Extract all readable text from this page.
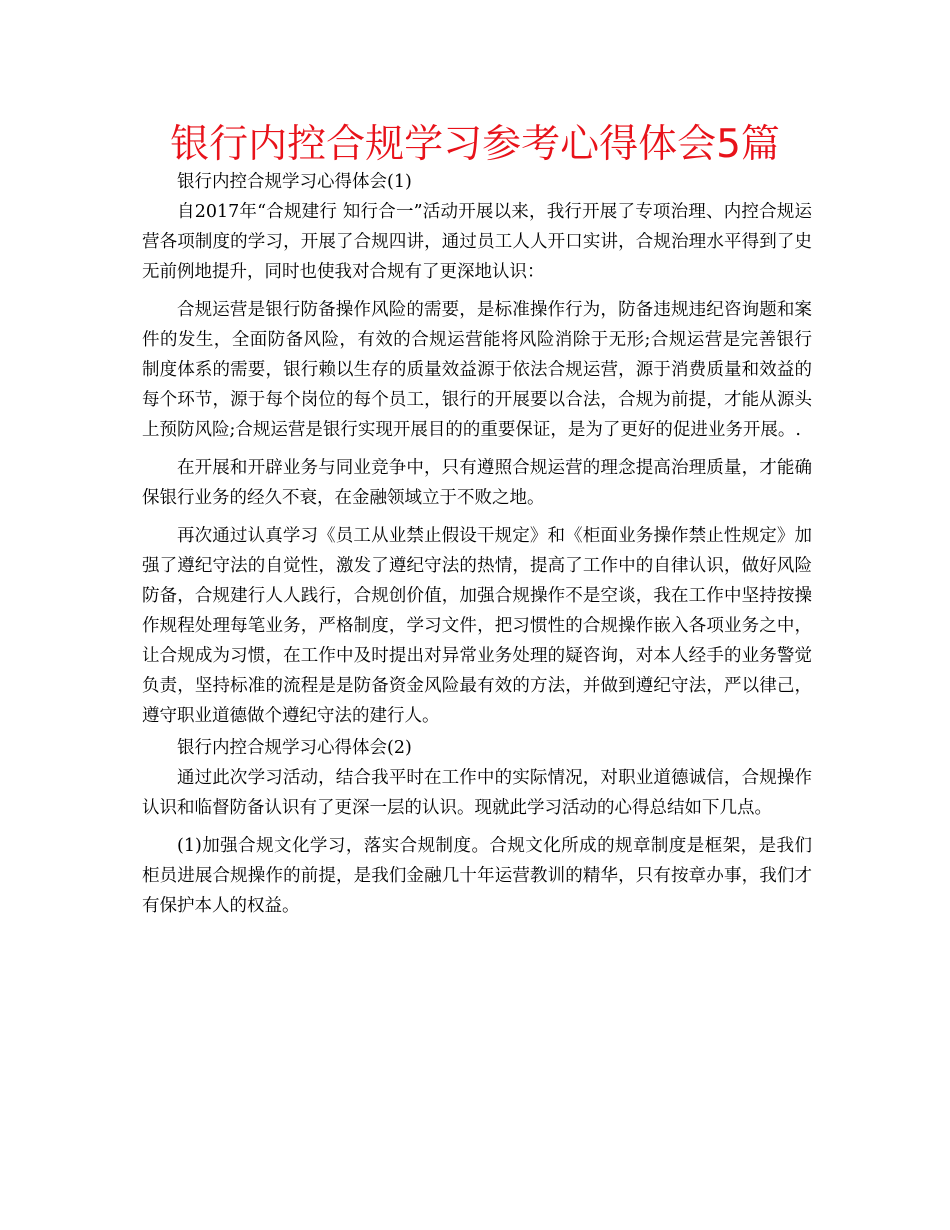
银行内控合规学习参考心得体会5篇

银行内控合规学习心得体会(1)

自2017年“合规建行 知行合一”活动开展以来，我行开展了专项治理、内控合规运营各项制度的学习，开展了合规四讲，通过员工人人开口实讲，合规治理水平得到了史无前例地提升，同时也使我对合规有了更深地认识：

合规运营是银行防备操作风险的需要，是标准操作行为，防备违规违纪咨询题和案件的发生，全面防备风险，有效的合规运营能将风险消除于无形;合规运营是完善银行制度体系的需要，银行赖以生存的质量效益源于依法合规运营，源于消费质量和效益的每个环节，源于每个岗位的每个员工，银行的开展要以合法，合规为前提，才能从源头上预防风险;合规运营是银行实现开展目的的重要保证，是为了更好的促进业务开展。.

在开展和开辟业务与同业竞争中，只有遵照合规运营的理念提高治理质量，才能确保银行业务的经久不衰，在金融领域立于不败之地。

再次通过认真学习《员工从业禁止假设干规定》和《柜面业务操作禁止性规定》加强了遵纪守法的自觉性，激发了遵纪守法的热情，提高了工作中的自律认识，做好风险防备，合规建行人人践行，合规创价值，加强合规操作不是空谈，我在工作中坚持按操作规程处理每笔业务，严格制度，学习文件，把习惯性的合规操作嵌入各项业务之中，让合规成为习惯，在工作中及时提出对异常业务处理的疑咨询，对本人经手的业务警觉负责，坚持标准的流程是是防备资金风险最有效的方法，并做到遵纪守法，严以律己，遵守职业道德做个遵纪守法的建行人。

银行内控合规学习心得体会(2)

通过此次学习活动，结合我平时在工作中的实际情况，对职业道德诚信，合规操作认识和临督防备认识有了更深一层的认识。现就此学习活动的心得总结如下几点。

(1)加强合规文化学习，落实合规制度。合规文化所成的规章制度是框架，是我们柜员进展合规操作的前提，是我们金融几十年运营教训的精华，只有按章办事，我们才有保护本人的权益。
